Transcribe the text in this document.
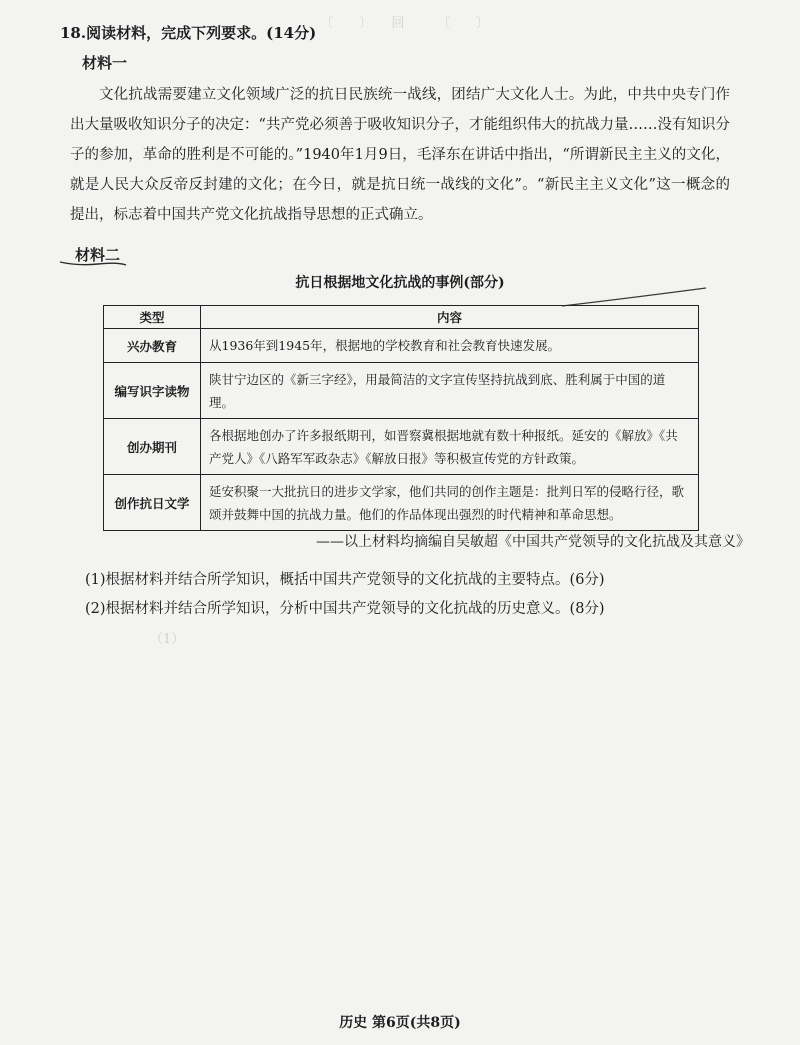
〔　　〕　　回　　　〔　　〕　　　　　　　　
（1）　　　　　　　　　　　　　　　　　　　　　　　　　　　　　　　　　　　

18.阅读材料，完成下列要求。(14分)
材料一

文化抗战需要建立文化领域广泛的抗日民族统一战线，团结广大文化人士。为此，中共中央专门作出大量吸收知识分子的决定：“共产党必须善于吸收知识分子，才能组织伟大的抗战力量……没有知识分子的参加，革命的胜利是不可能的。”1940年1月9日，毛泽东在讲话中指出，“所谓新民主主义的文化，就是人民大众反帝反封建的文化；在今日，就是抗日统一战线的文化”。“新民主主义文化”这一概念的提出，标志着中国共产党文化抗战指导思想的正式确立。

材料二
抗日根据地文化抗战的事例(部分)
类型	内容
兴办教育	从1936年到1945年，根据地的学校教育和社会教育快速发展。
编写识字读物	陕甘宁边区的《新三字经》，用最简洁的文字宣传坚持抗战到底、胜利属于中国的道理。
创办期刊	各根据地创办了许多报纸期刊，如晋察冀根据地就有数十种报纸。延安的《解放》《共产党人》《八路军军政杂志》《解放日报》等积极宣传党的方针政策。
创作抗日文学	延安积聚一大批抗日的进步文学家，他们共同的创作主题是：批判日军的侵略行径，歌颂并鼓舞中国的抗战力量。他们的作品体现出强烈的时代精神和革命思想。
——以上材料均摘编自吴敏超《中国共产党领导的文化抗战及其意义》
(1)根据材料并结合所学知识，概括中国共产党领导的文化抗战的主要特点。(6分)
(2)根据材料并结合所学知识，分析中国共产党领导的文化抗战的历史意义。(8分)
历史 第6页(共8页)
